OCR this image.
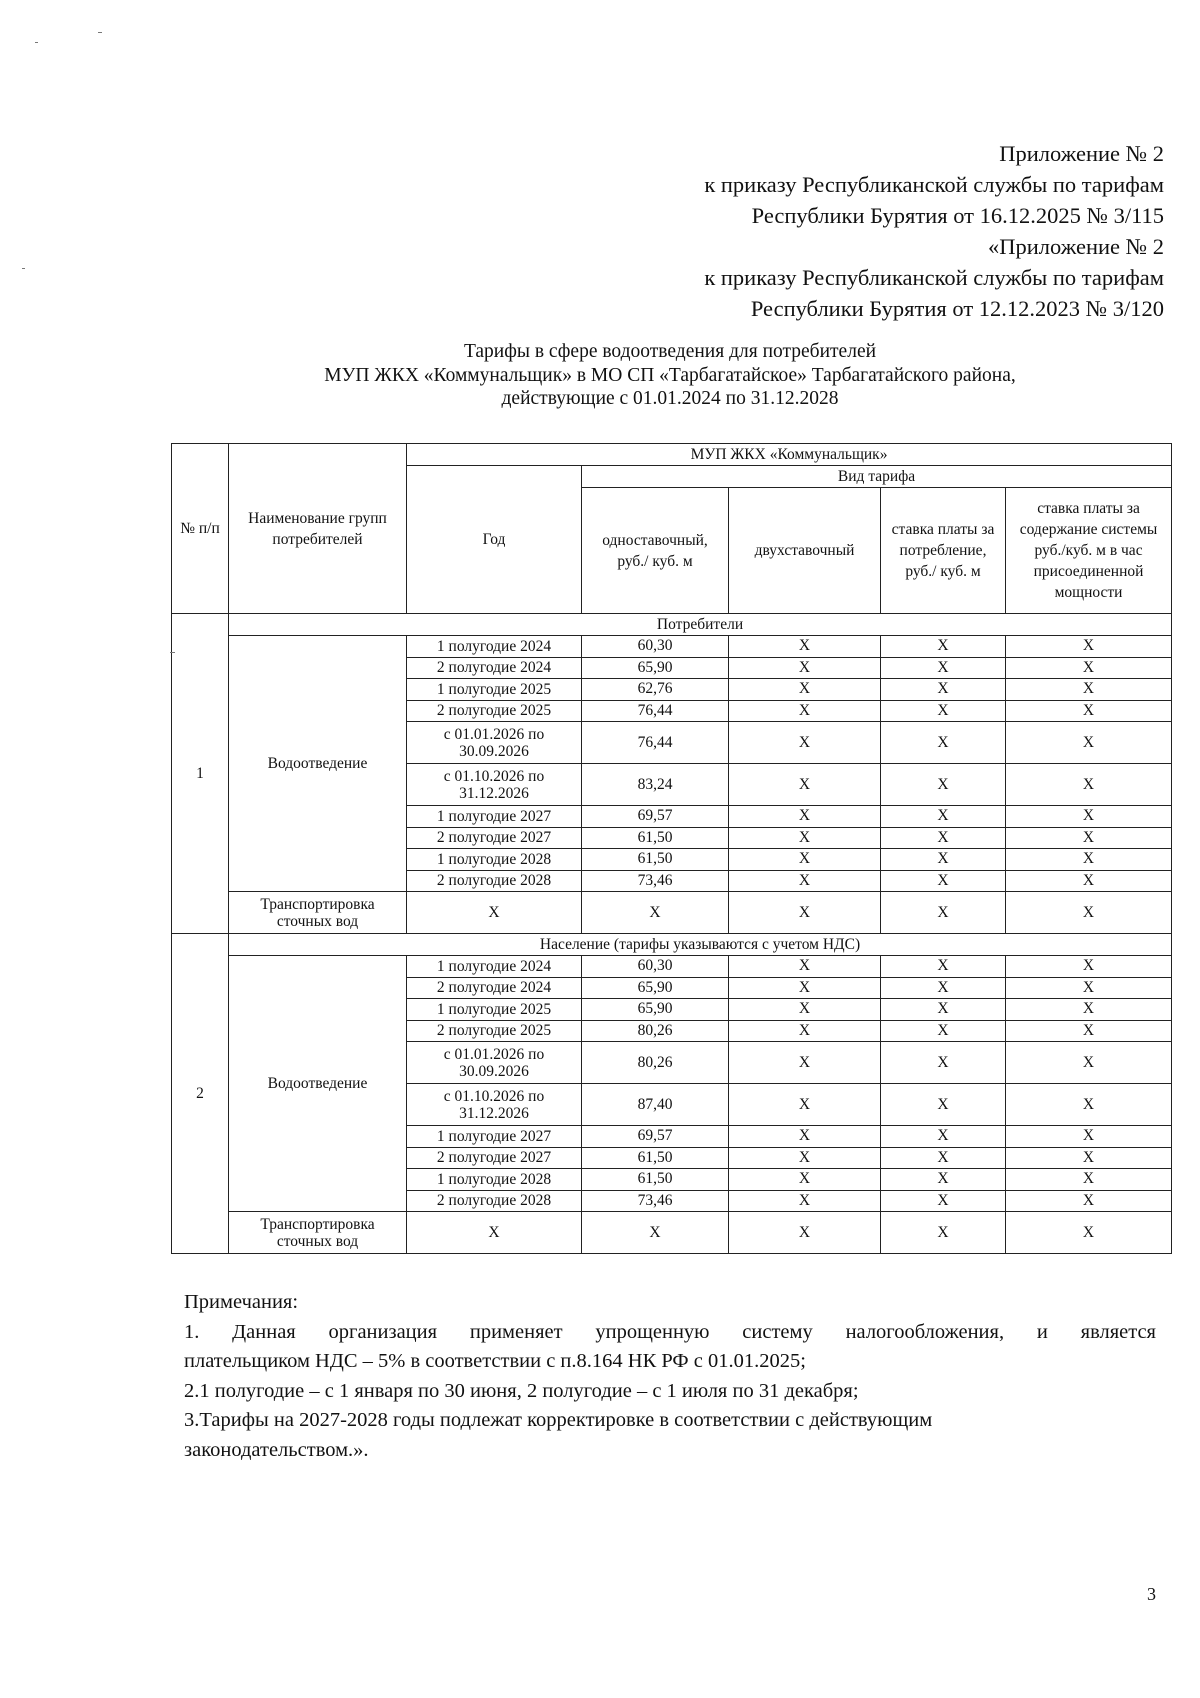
Приложение № 2
к приказу Республиканской службы по тарифам
Республики Бурятия от 16.12.2025 № 3/115
«Приложение № 2
к приказу Республиканской службы по тарифам
Республики Бурятия от 12.12.2023 № 3/120
Тарифы в сфере водоотведения для потребителей
МУП ЖКХ «Коммунальщик» в МО СП «Тарбагатайское» Тарбагатайского района,
действующие с 01.01.2024 по 31.12.2028
№ п/п	Наименование групп потребителей	МУП ЖКХ «Коммунальщик»				
		Год	Вид тарифа			
			одноставочный, руб./ куб. м	двухставочный	ставка платы за потребление, руб./ куб. м	ставка платы за содержание системы руб./куб. м в час присоединенной мощности
1	Потребители					
	Водоотведение	1 полугодие 2024	60,30	X	X	X
		2 полугодие 2024	65,90	X	X	X
		1 полугодие 2025	62,76	X	X	X
		2 полугодие 2025	76,44	X	X	X
		с 01.01.2026 по 30.09.2026	76,44	X	X	X
		с 01.10.2026 по 31.12.2026	83,24	X	X	X
		1 полугодие 2027	69,57	X	X	X
		2 полугодие 2027	61,50	X	X	X
		1 полугодие 2028	61,50	X	X	X
		2 полугодие 2028	73,46	X	X	X
	Транспортировка сточных вод	X	X	X	X	X
2	Население (тарифы указываются с учетом НДС)					
	Водоотведение	1 полугодие 2024	60,30	X	X	X
		2 полугодие 2024	65,90	X	X	X
		1 полугодие 2025	65,90	X	X	X
		2 полугодие 2025	80,26	X	X	X
		с 01.01.2026 по 30.09.2026	80,26	X	X	X
		с 01.10.2026 по 31.12.2026	87,40	X	X	X
		1 полугодие 2027	69,57	X	X	X
		2 полугодие 2027	61,50	X	X	X
		1 полугодие 2028	61,50	X	X	X
		2 полугодие 2028	73,46	X	X	X
	Транспортировка сточных вод	X	X	X	X	X

Примечания:

1. Данная организация применяет упрощенную систему налогообложения, и является

плательщиком НДС – 5% в соответствии с п.8.164 НК РФ с 01.01.2025;

2.1 полугодие – с 1 января по 30 июня, 2 полугодие – с 1 июля по 31 декабря;

3.Тарифы на 2027-2028 годы подлежат корректировке в соответствии с действующим

законодательством.».

3
